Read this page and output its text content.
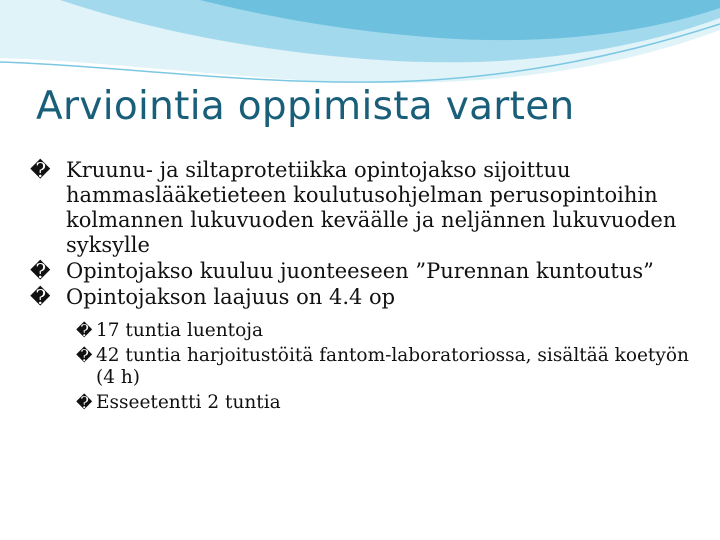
Arviointia oppimista varten
� Kruunu- ja siltaprotetiikka opintojakso sijoittuu hammaslääketieteen koulutusohjelman perusopintoihin kolmannen lukuvuoden keväälle ja neljännen lukuvuoden syksylle
� Opintojakso kuuluu juonteeseen ”Purennan kuntoutus”
� Opintojakson laajuus on 4.4 op
� 17 tuntia luentoja
� 42 tuntia harjoitustöitä fantom-laboratoriossa, sisältää koetyön (4 h)
� Esseetentti 2 tuntia
